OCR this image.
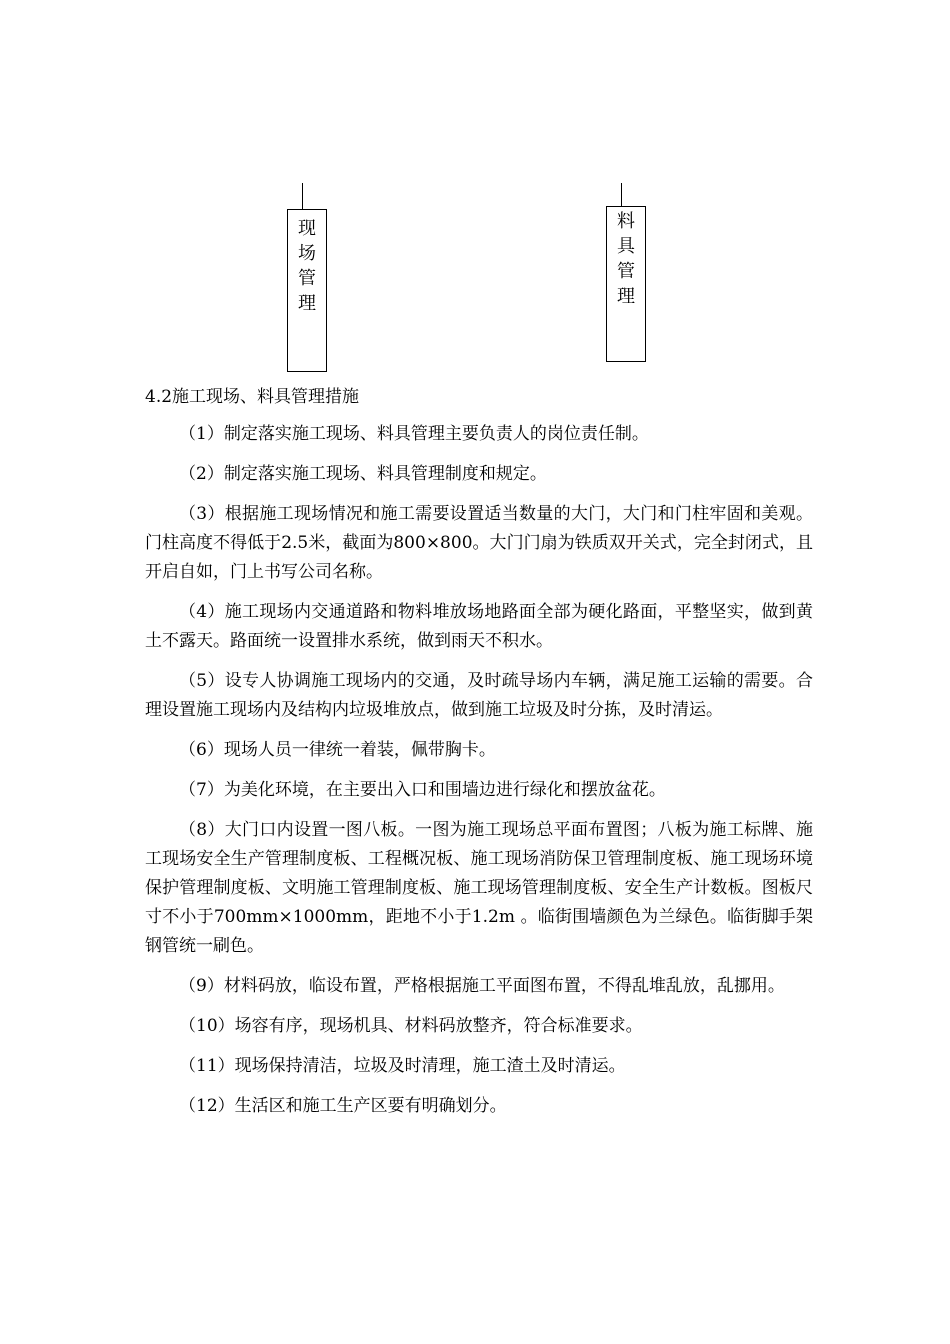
现场管理
料具管理
4.2施工现场、料具管理措施

（1）制定落实施工现场、料具管理主要负责人的岗位责任制。

（2）制定落实施工现场、料具管理制度和规定。

（3）根据施工现场情况和施工需要设置适当数量的大门，大门和门柱牢固和美观。门柱高度不得低于2.5米，截面为800×800。大门门扇为铁质双开关式，完全封闭式，且开启自如，门上书写公司名称。

（4）施工现场内交通道路和物料堆放场地路面全部为硬化路面，平整坚实，做到黄土不露天。路面统一设置排水系统，做到雨天不积水。

（5）设专人协调施工现场内的交通，及时疏导场内车辆，满足施工运输的需要。合理设置施工现场内及结构内垃圾堆放点，做到施工垃圾及时分拣，及时清运。

（6）现场人员一律统一着装，佩带胸卡。

（7）为美化环境，在主要出入口和围墙边进行绿化和摆放盆花。

（8）大门口内设置一图八板。一图为施工现场总平面布置图；八板为施工标牌、施工现场安全生产管理制度板、工程概况板、施工现场消防保卫管理制度板、施工现场环境保护管理制度板、文明施工管理制度板、施工现场管理制度板、安全生产计数板。图板尺寸不小于700mm×1000mm，距地不小于1.2m 。临街围墙颜色为兰绿色。临街脚手架钢管统一刷色。

（9）材料码放，临设布置，严格根据施工平面图布置，不得乱堆乱放，乱挪用。

（10）场容有序，现场机具、材料码放整齐，符合标准要求。

（11）现场保持清洁，垃圾及时清理，施工渣土及时清运。

（12）生活区和施工生产区要有明确划分。
